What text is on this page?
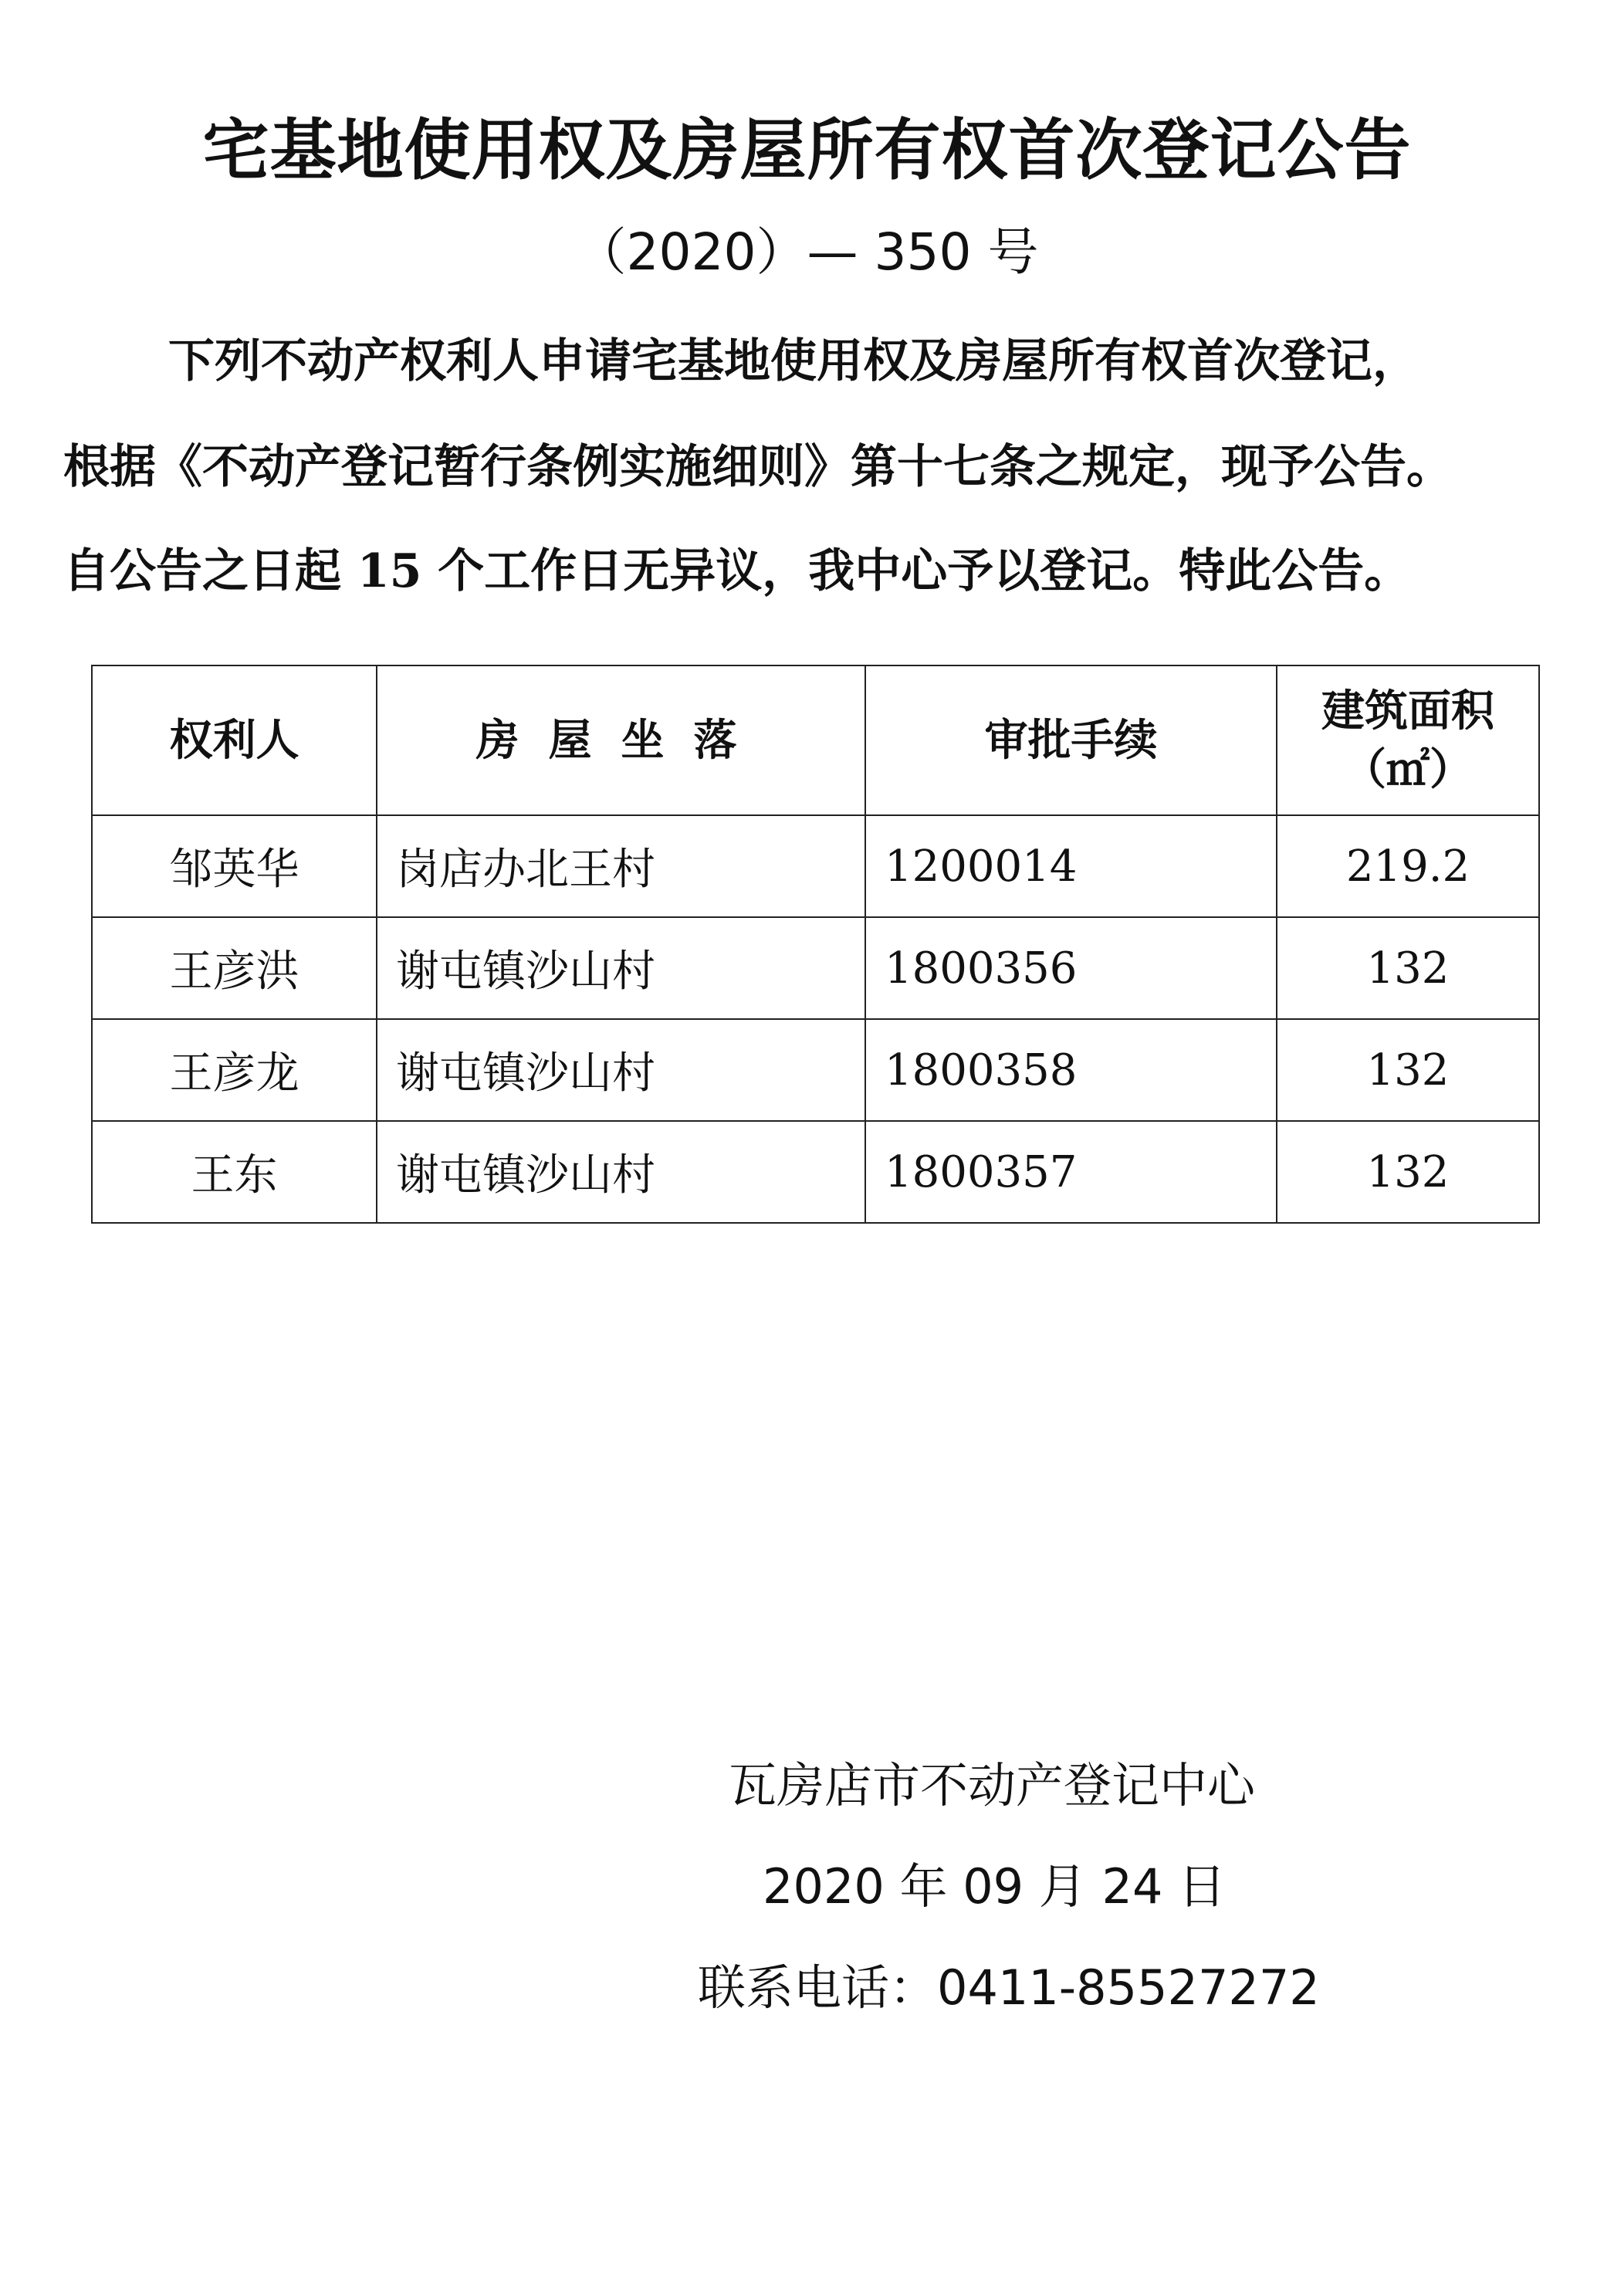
宅基地使用权及房屋所有权首次登记公告
（2020）— 350 号
下列不动产权利人申请宅基地使用权及房屋所有权首次登记，
根据《不动产登记暂行条例实施细则》第十七条之规定，现予公告。
自公告之日起 15 个工作日无异议，我中心予以登记。特此公告。
权利人	房屋坐落	审批手续	建筑面积
（㎡）

邹英华	岗店办北王村	1200014	219.2
王彦洪	谢屯镇沙山村	1800356	132
王彦龙	谢屯镇沙山村	1800358	132
王东	谢屯镇沙山村	1800357	132
瓦房店市不动产登记中心
2020 年 09 月 24 日
联系电话：0411-85527272
